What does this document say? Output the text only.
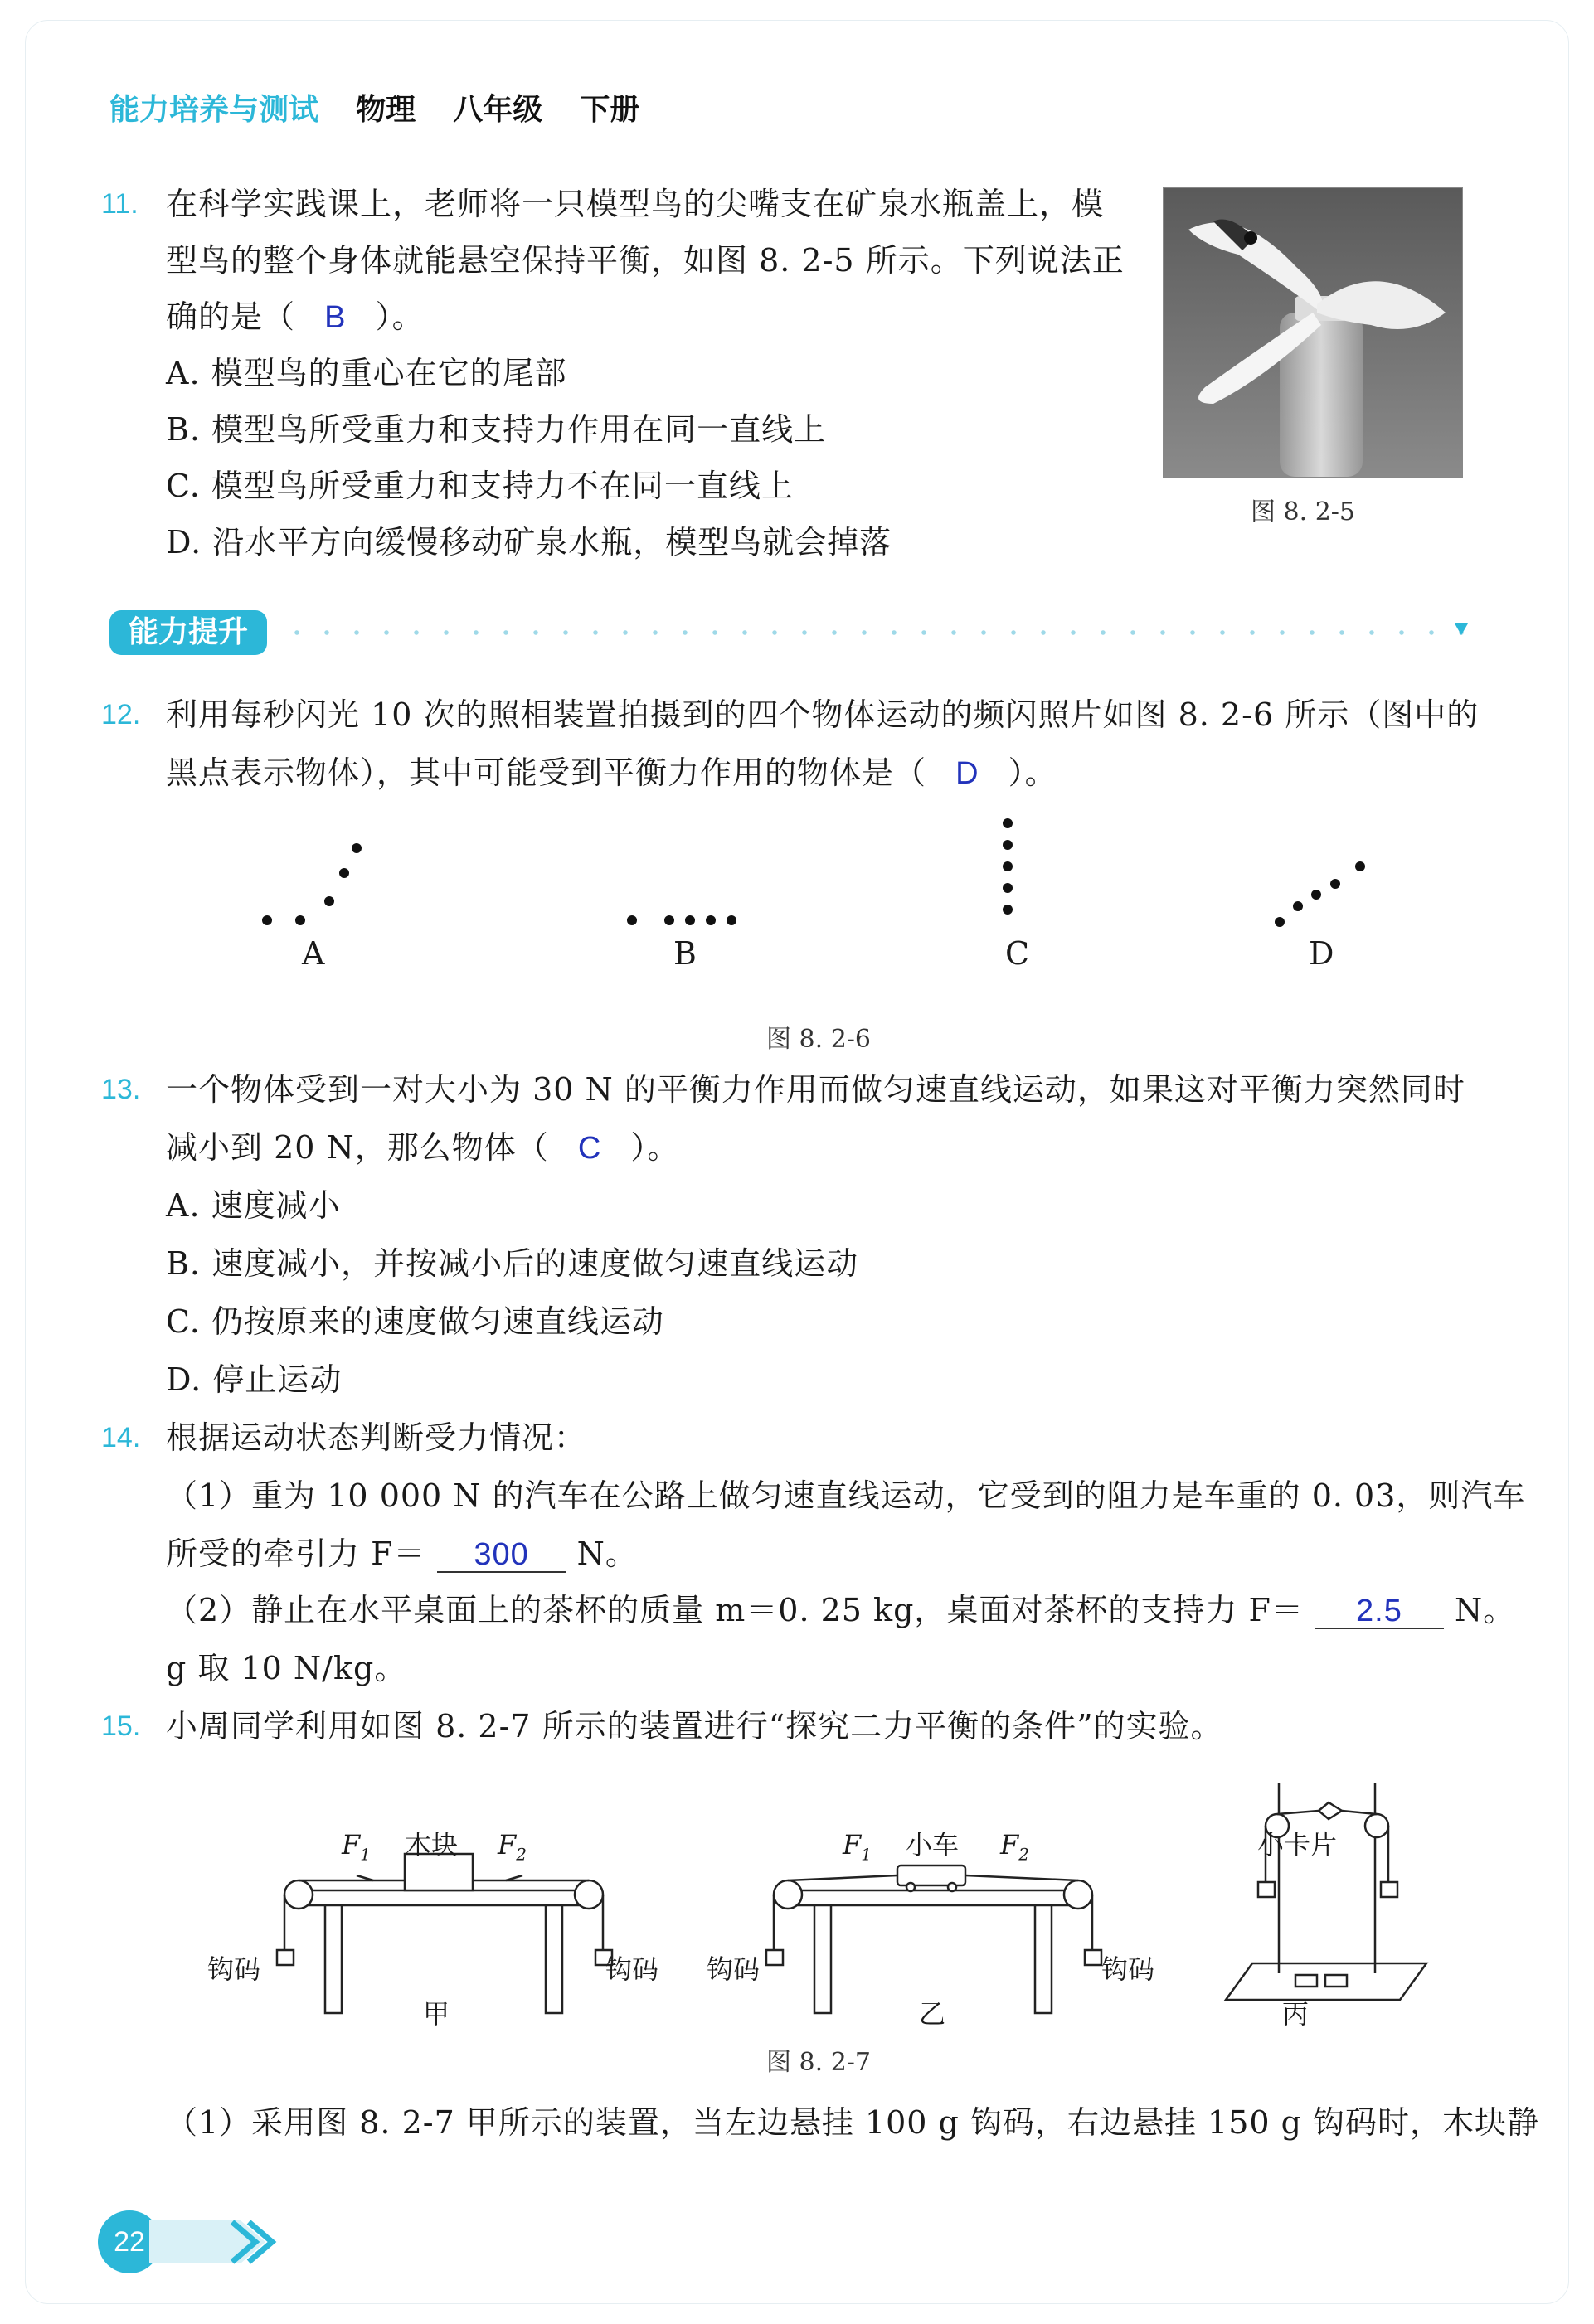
能力培养与测试 物理 八年级 下册
11. 在科学实践课上，老师将一只模型鸟的尖嘴支在矿泉水瓶盖上，模
型鸟的整个身体就能悬空保持平衡，如图 8. 2-5 所示。下列说法正
确的是（ B ）。
A. 模型鸟的重心在它的尾部
B. 模型鸟所受重力和支持力作用在同一直线上
C. 模型鸟所受重力和支持力不在同一直线上
D. 沿水平方向缓慢移动矿泉水瓶，模型鸟就会掉落
图 8. 2-5
能力提升
12. 利用每秒闪光 10 次的照相装置拍摄到的四个物体运动的频闪照片如图 8. 2-6 所示（图中的
黑点表示物体），其中可能受到平衡力作用的物体是（ D ）。
A	B	C	D
图 8. 2-6
13. 一个物体受到一对大小为 30 N 的平衡力作用而做匀速直线运动，如果这对平衡力突然同时
减小到 20 N，那么物体（ C ）。
A. 速度减小
B. 速度减小，并按减小后的速度做匀速直线运动
C. 仍按原来的速度做匀速直线运动
D. 停止运动
14. 根据运动状态判断受力情况：
（1）重为 10 000 N 的汽车在公路上做匀速直线运动，它受到的阻力是车重的 0. 03，则汽车
所受的牵引力 F＝ 300 N。
（2）静止在水平桌面上的茶杯的质量 m＝0. 25 kg，桌面对茶杯的支持力 F＝ 2.5 N。
g 取 10 N/kg。
15. 小周同学利用如图 8. 2-7 所示的装置进行“探究二力平衡的条件”的实验。
$F_1$ 木块 $F_2$
钩码	钩码
甲
$F_1$ 小车 $F_2$
钩码	钩码
乙
小卡片
丙
图 8. 2-7
（1）采用图 8. 2-7 甲所示的装置，当左边悬挂 100 g 钩码，右边悬挂 150 g 钩码时，木块静
22
